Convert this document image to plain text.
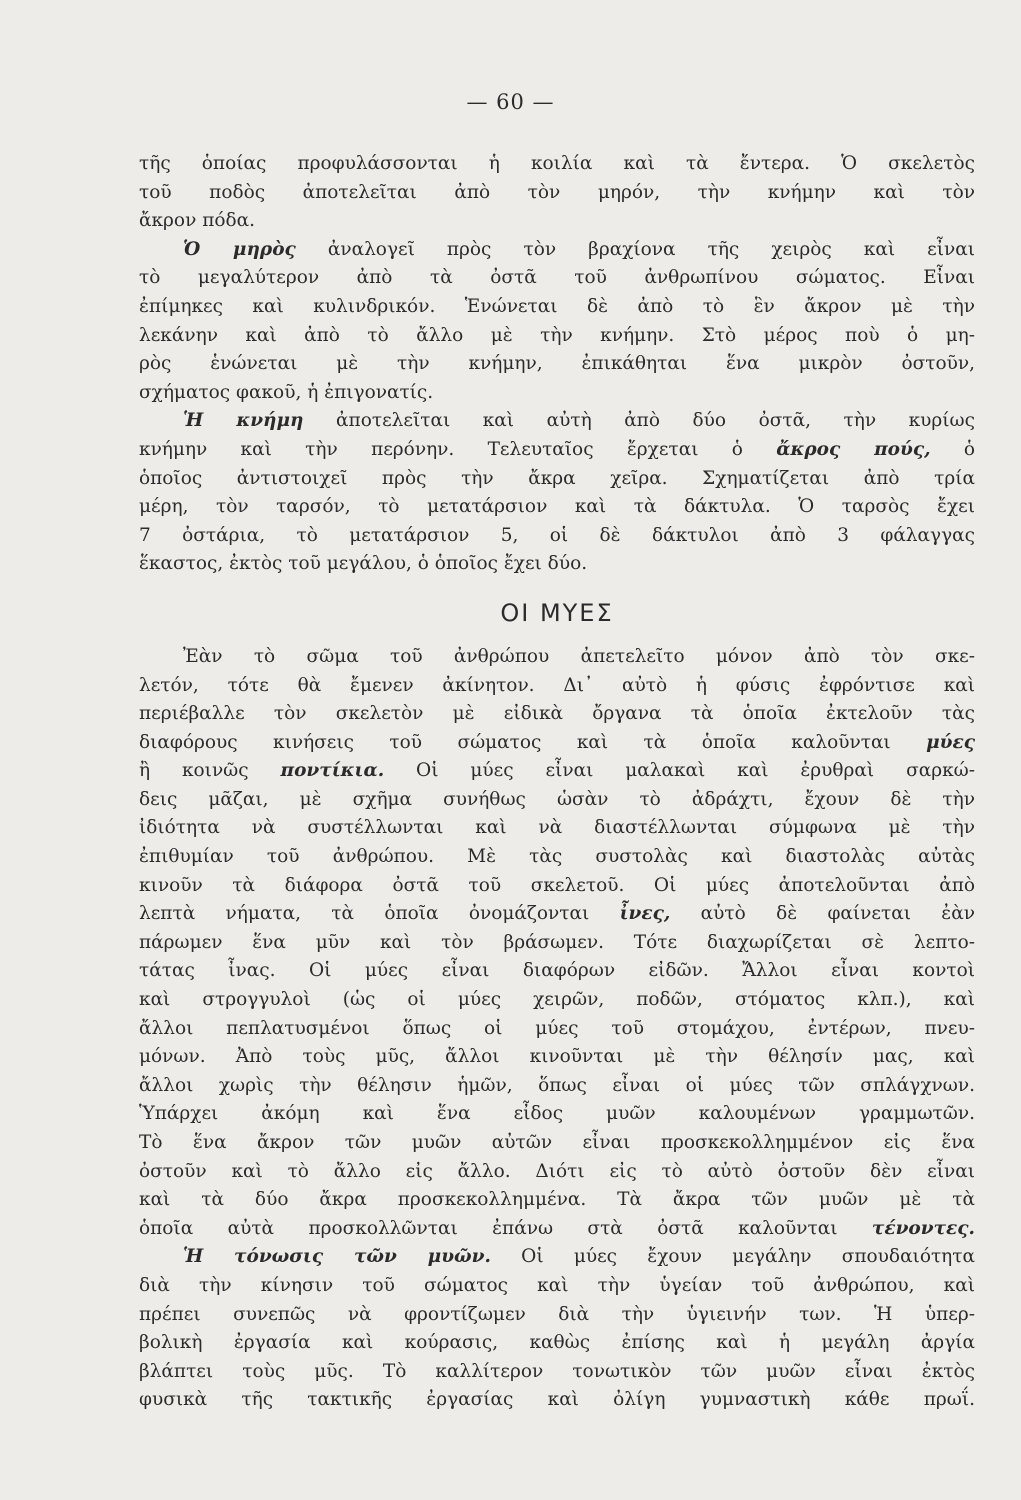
— 60 —
τῆς ὁποίας προφυλάσσονται ἡ κοιλία καὶ τὰ ἔντερα. Ὁ σκελετὸς
τοῦ ποδὸς ἀποτελεῖται ἀπὸ τὸν μηρόν, τὴν κνήμην καὶ τὸν
ἄκρον πόδα.
Ὁ μηρὸς ἀναλογεῖ πρὸς τὸν βραχίονα τῆς χειρὸς καὶ εἶναι
τὸ μεγαλύτερον ἀπὸ τὰ ὀστᾶ τοῦ ἀνθρωπίνου σώματος. Εἶναι
ἐπίμηκες καὶ κυλινδρικόν. Ἑνώνεται δὲ ἀπὸ τὸ ἓν ἄκρον μὲ τὴν
λεκάνην καὶ ἀπὸ τὸ ἄλλο μὲ τὴν κνήμην. Στὸ μέρος ποὺ ὁ μη-
ρὸς ἑνώνεται μὲ τὴν κνήμην, ἐπικάθηται ἕνα μικρὸν ὀστοῦν,
σχήματος φακοῦ, ἡ ἐπιγονατίς.
Ἡ κνήμη ἀποτελεῖται καὶ αὐτὴ ἀπὸ δύο ὀστᾶ, τὴν κυρίως
κνήμην καὶ τὴν περόνην. Τελευταῖος ἔρχεται ὁ ἄκρος πούς, ὁ
ὁποῖος ἀντιστοιχεῖ πρὸς τὴν ἄκρα χεῖρα. Σχηματίζεται ἀπὸ τρία
μέρη, τὸν ταρσόν, τὸ μετατάρσιον καὶ τὰ δάκτυλα. Ὁ ταρσὸς ἔχει
7 ὀστάρια, τὸ μετατάρσιον 5, οἱ δὲ δάκτυλοι ἀπὸ 3 φάλαγγας
ἕκαστος, ἐκτὸς τοῦ μεγάλου, ὁ ὁποῖος ἔχει δύο.
ΟΙ ΜΥΕΣ
Ἐὰν τὸ σῶμα τοῦ ἀνθρώπου ἀπετελεῖτο μόνον ἀπὸ τὸν σκε-
λετόν, τότε θὰ ἔμενεν ἀκίνητον. Δι᾽ αὐτὸ ἡ φύσις ἐφρόντισε καὶ
περιέβαλλε τὸν σκελετὸν μὲ εἰδικὰ ὄργανα τὰ ὁποῖα ἐκτελοῦν τὰς
διαφόρους κινήσεις τοῦ σώματος καὶ τὰ ὁποῖα καλοῦνται μύες
ἢ κοινῶς ποντίκια. Οἱ μύες εἶναι μαλακαὶ καὶ ἐρυθραὶ σαρκώ-
δεις μᾶζαι, μὲ σχῆμα συνήθως ὡσὰν τὸ ἀδράχτι, ἔχουν δὲ τὴν
ἰδιότητα νὰ συστέλλωνται καὶ νὰ διαστέλλωνται σύμφωνα μὲ τὴν
ἐπιθυμίαν τοῦ ἀνθρώπου. Μὲ τὰς συστολὰς καὶ διαστολὰς αὐτὰς
κινοῦν τὰ διάφορα ὀστᾶ τοῦ σκελετοῦ. Οἱ μύες ἀποτελοῦνται ἀπὸ
λεπτὰ νήματα, τὰ ὁποῖα ὀνομάζονται ἶνες, αὐτὸ δὲ φαίνεται ἐὰν
πάρωμεν ἕνα μῦν καὶ τὸν βράσωμεν. Τότε διαχωρίζεται σὲ λεπτο-
τάτας ἶνας. Οἱ μύες εἶναι διαφόρων εἰδῶν. Ἄλλοι εἶναι κοντοὶ
καὶ στρογγυλοὶ (ὡς οἱ μύες χειρῶν, ποδῶν, στόματος κλπ.), καὶ
ἄλλοι πεπλατυσμένοι ὅπως οἱ μύες τοῦ στομάχου, ἐντέρων, πνευ-
μόνων. Ἀπὸ τοὺς μῦς, ἄλλοι κινοῦνται μὲ τὴν θέλησίν μας, καὶ
ἄλλοι χωρὶς τὴν θέλησιν ἡμῶν, ὅπως εἶναι οἱ μύες τῶν σπλάγχνων.
Ὑπάρχει ἀκόμη καὶ ἕνα εἶδος μυῶν καλουμένων γραμμωτῶν.
Τὸ ἕνα ἄκρον τῶν μυῶν αὐτῶν εἶναι προσκεκολλημμένον εἰς ἕνα
ὀστοῦν καὶ τὸ ἄλλο εἰς ἄλλο. Διότι εἰς τὸ αὐτὸ ὀστοῦν δὲν εἶναι
καὶ τὰ δύο ἄκρα προσκεκολλημμένα. Τὰ ἄκρα τῶν μυῶν μὲ τὰ
ὁποῖα αὐτὰ προσκολλῶνται ἐπάνω στὰ ὀστᾶ καλοῦνται τένοντες.
Ἡ τόνωσις τῶν μυῶν. Οἱ μύες ἔχουν μεγάλην σπουδαιότητα
διὰ τὴν κίνησιν τοῦ σώματος καὶ τὴν ὑγείαν τοῦ ἀνθρώπου, καὶ
πρέπει συνεπῶς νὰ φροντίζωμεν διὰ τὴν ὑγιεινήν των. Ἡ ὑπερ-
βολικὴ ἐργασία καὶ κούρασις, καθὼς ἐπίσης καὶ ἡ μεγάλη ἀργία
βλάπτει τοὺς μῦς. Τὸ καλλίτερον τονωτικὸν τῶν μυῶν εἶναι ἐκτὸς
φυσικὰ τῆς τακτικῆς ἐργασίας καὶ ὀλίγη γυμναστικὴ κάθε πρωΐ.
